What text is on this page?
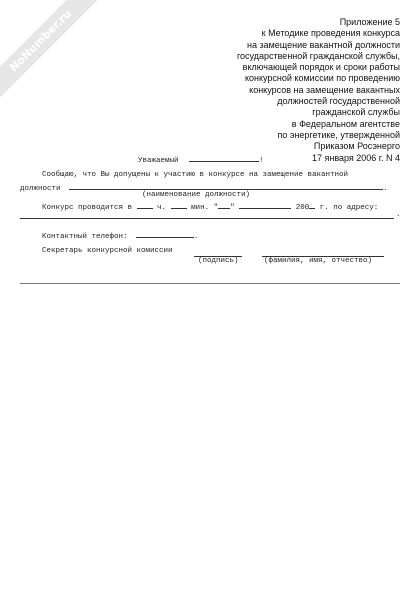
NoNumber.ru	Приложение 5
к Методике проведения конкурса
на замещение вакантной должности
государственной гражданской службы,
включающей порядок и сроки работы
конкурсной комиссии по проведению
конкурсов на замещение вакантных
должностей государственной
гражданской службы
в Федеральном агентстве
по энергетике, утвержденной
Приказом Росэнерго
17 января 2006 г. N 4
Уважаемый	!
Сообщаю, что Вы допущены к участию в конкурсе на замещение вакантной
должности	.
(наименование должности)
Конкурс проводится в	ч.	мин. " "	200 г. по адресу:
.
Контактный телефон:	.
Секретарь конкурсной комиссии
(подпись)	(фамилия, имя, отчество)
